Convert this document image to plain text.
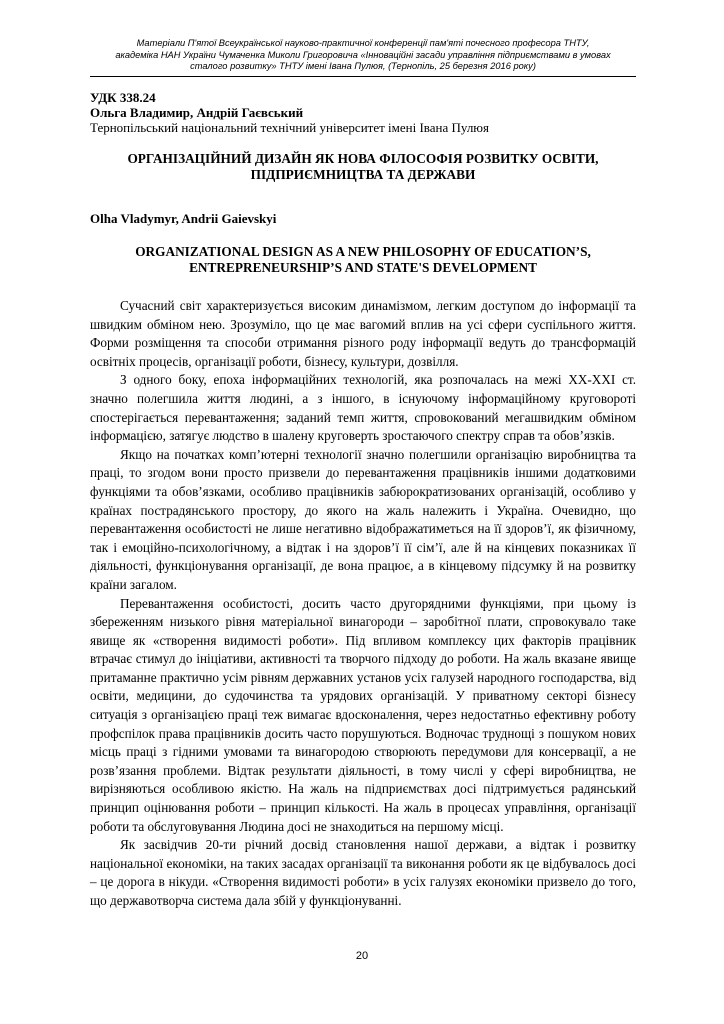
Матеріали П'ятої Всеукраїнської науково-практичної конференції пам'яті почесного професора ТНТУ,
академіка НАН України Чумаченка Миколи Григоровича «Інноваційні засади управління підприємствами в умовах
сталого розвитку» ТНТУ імені Івана Пулюя, (Тернопіль, 25 березня 2016 року)
УДК 338.24
Ольга Владимир, Андрій Гаєвський
Тернопільський національний технічний університет імені Івана Пулюя
ОРГАНІЗАЦІЙНИЙ ДИЗАЙН ЯК НОВА ФІЛОСОФІЯ РОЗВИТКУ ОСВІТИ, ПІДПРИЄМНИЦТВА ТА ДЕРЖАВИ
Olha Vladymyr, Andrii Gaievskyi
ORGANIZATIONAL DESIGN AS A NEW PHILOSOPHY OF EDUCATION’S, ENTREPRENEURSHIP’S AND STATE'S DEVELOPMENT

Сучасний світ характеризується високим динамізмом, легким доступом до інформації та швидким обміном нею. Зрозуміло, що це має вагомий вплив на усі сфери суспільного життя. Форми розміщення та способи отримання різного роду інформації ведуть до трансформацій освітніх процесів, організації роботи, бізнесу, культури, дозвілля.

З одного боку, епоха інформаційних технологій, яка розпочалась на межі XX-XXI ст. значно полегшила життя людині, а з іншого, в існуючому інформаційному круговороті спостерігається перевантаження; заданий темп життя, спровокований мегашвидким обміном інформацією, затягує людство в шалену круговерть зростаючого спектру справ та обов’язків.

Якщо на початках комп’ютерні технології значно полегшили організацію виробництва та праці, то згодом вони просто призвели до перевантаження працівників іншими додатковими функціями та обов’язками, особливо працівників забюрократизованих організацій, особливо у країнах пострадянського простору, до якого на жаль належить і Україна. Очевидно, що перевантаження особистості не лише негативно відображатиметься на її здоров’ї, як фізичному, так і емоційно-психологічному, а відтак і на здоров’ї її сім’ї, але й на кінцевих показниках її діяльності, функціонування організації, де вона працює, а в кінцевому підсумку й на розвитку країни загалом.

Перевантаження особистості, досить часто другорядними функціями, при цьому із збереженням низького рівня матеріальної винагороди – заробітної плати, спровокувало таке явище як «створення видимості роботи». Під впливом комплексу цих факторів працівник втрачає стимул до ініціативи, активності та творчого підходу до роботи. На жаль вказане явище притаманне практично усім рівням державних установ усіх галузей народного господарства, від освіти, медицини, до судочинства та урядових організацій. У приватному секторі бізнесу ситуація з організацією праці теж вимагає вдосконалення, через недостатньо ефективну роботу профспілок права працівників досить часто порушуються. Водночас труднощі з пошуком нових місць праці з гідними умовами та винагородою створюють передумови для консервації, а не розв’язання проблеми. Відтак результати діяльності, в тому числі у сфері виробництва, не вирізняються особливою якістю. На жаль на підприємствах досі підтримується радянський принцип оцінювання роботи – принцип кількості. На жаль в процесах управління, організації роботи та обслуговування Людина досі не знаходиться на першому місці.

Як засвідчив 20-ти річний досвід становлення нашої держави, а відтак і розвитку національної економіки, на таких засадах організації та виконання роботи як це відбувалось досі – це дорога в нікуди. «Створення видимості роботи» в усіх галузях економіки призвело до того, що державотворча система дала збій у функціонуванні.

20
